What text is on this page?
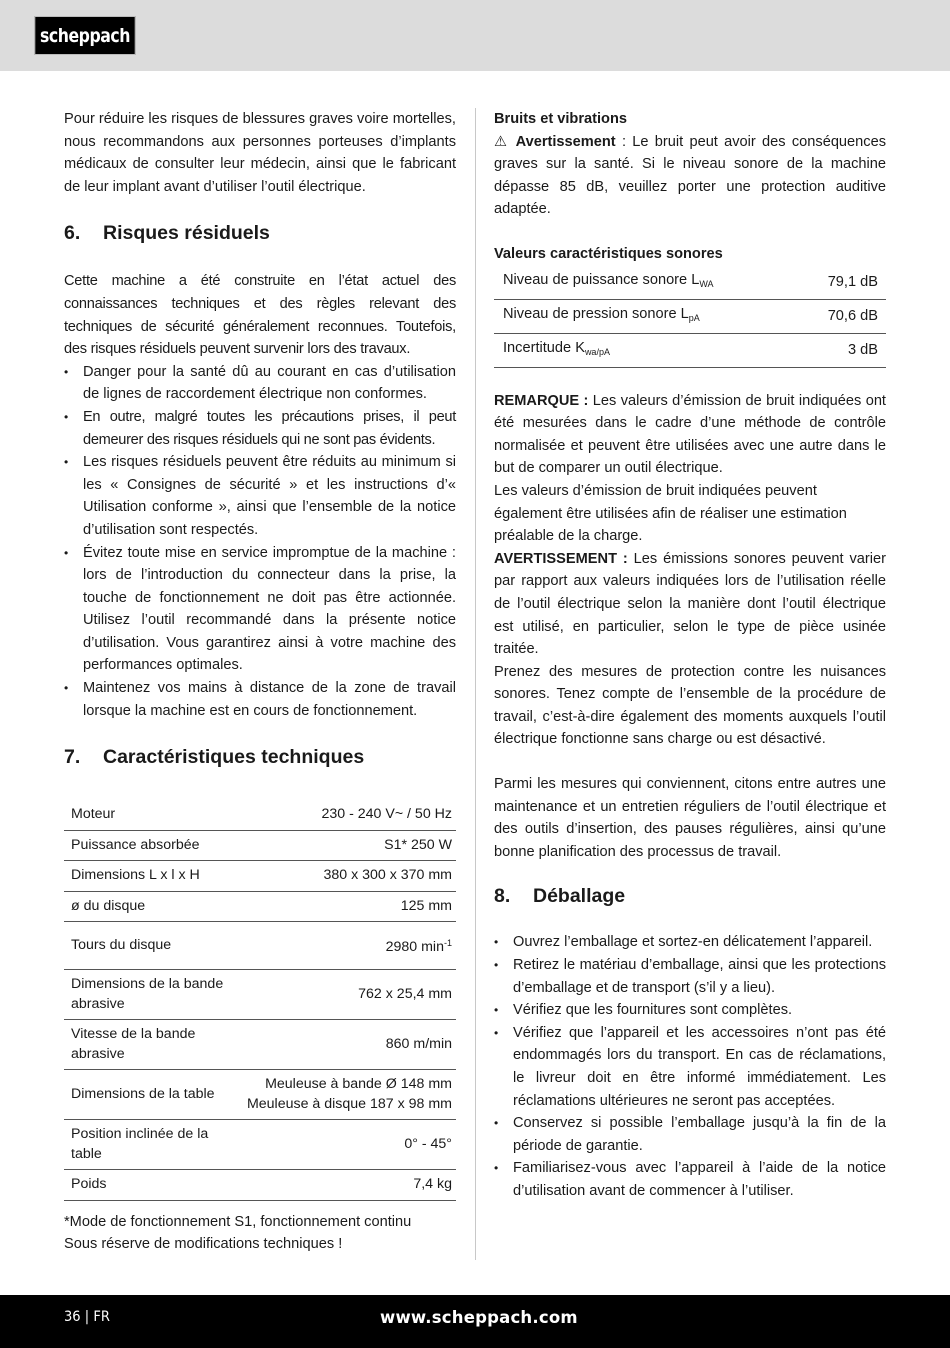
scheppach

Pour réduire les risques de blessures graves voire mortelles, nous recommandons aux personnes porteuses d’implants médicaux de consulter leur médecin, ainsi que le fabricant de leur implant avant d’utiliser l’outil électrique.

6.	Risques résiduels

Cette machine a été construite en l’état actuel des connaissances techniques et des règles relevant des techniques de sécurité généralement reconnues. Toutefois, des risques résiduels peuvent survenir lors des travaux.

• Danger pour la santé dû au courant en cas d’utilisation de lignes de raccordement électrique non conformes.
• En outre, malgré toutes les précautions prises, il peut demeurer des risques résiduels qui ne sont pas évidents.
• Les risques résiduels peuvent être réduits au minimum si les « Consignes de sécurité » et les instructions d’« Utilisation conforme », ainsi que l’ensemble de la notice d’utilisation sont respectés.
• Évitez toute mise en service impromptue de la machine : lors de l’introduction du connecteur dans la prise, la touche de fonctionnement ne doit pas être actionnée. Utilisez l’outil recommandé dans la présente notice d’utilisation. Vous garantirez ainsi à votre machine des performances optimales.
• Maintenez vos mains à distance de la zone de travail lorsque la machine est en cours de fonctionnement.
7.	Caractéristiques techniques
Moteur	230 - 240 V~ / 50 Hz
Puissance absorbée	S1* 250 W
Dimensions L x l x H	380 x 300 x 370 mm
ø du disque	125 mm
Tours du disque	2980 $\min^{-1}$
Dimensions de la bande abrasive	762 x 25,4 mm
Vitesse de la bande abrasive	860 m/min
Dimensions de la table	Meuleuse à bande Ø 148 mm
Meuleuse à disque 187 x 98 mm

Position inclinée de la table	0° - 45°
Poids	7,4 kg

*Mode de fonctionnement S1, fonctionnement continu

Sous réserve de modifications techniques !

Bruits et vibrations

⚠ Avertissement : Le bruit peut avoir des conséquences graves sur la santé. Si le niveau sonore de la machine dépasse 85 dB, veuillez porter une protection auditive adaptée.

Valeurs caractéristiques sonores

Niveau de puissance sonore $L_{WA}$	79,1 dB
Niveau de pression sonore $L_{pA}$	70,6 dB
Incertitude $K_{wa/pA}$	3 dB

REMARQUE : Les valeurs d’émission de bruit indiquées ont été mesurées dans le cadre d’une méthode de contrôle normalisée et peuvent être utilisées avec une autre dans le but de comparer un outil électrique.

Les valeurs d’émission de bruit indiquées peuvent également être utilisées afin de réaliser une estimation préalable de la charge.

AVERTISSEMENT : Les émissions sonores peuvent varier par rapport aux valeurs indiquées lors de l’utilisation réelle de l’outil électrique selon la manière dont l’outil électrique est utilisé, en particulier, selon le type de pièce usinée traitée.

Prenez des mesures de protection contre les nuisances sonores. Tenez compte de l’ensemble de la procédure de travail, c’est-à-dire également des moments auxquels l’outil électrique fonctionne sans charge ou est désactivé.

Parmi les mesures qui conviennent, citons entre autres une maintenance et un entretien réguliers de l’outil électrique et des outils d’insertion, des pauses régulières, ainsi qu’une bonne planification des processus de travail.

8.	Déballage
• Ouvrez l’emballage et sortez-en délicatement l’appareil.
• Retirez le matériau d’emballage, ainsi que les protections d’emballage et de transport (s’il y a lieu).
• Vérifiez que les fournitures sont complètes.
• Vérifiez que l’appareil et les accessoires n’ont pas été endommagés lors du transport. En cas de réclamations, le livreur doit en être informé immédiatement. Les réclamations ultérieures ne seront pas acceptées.
• Conservez si possible l’emballage jusqu’à la fin de la période de garantie.
• Familiarisez-vous avec l’appareil à l’aide de la notice d’utilisation avant de commencer à l’utiliser.
36 | FR	www.scheppach.com
